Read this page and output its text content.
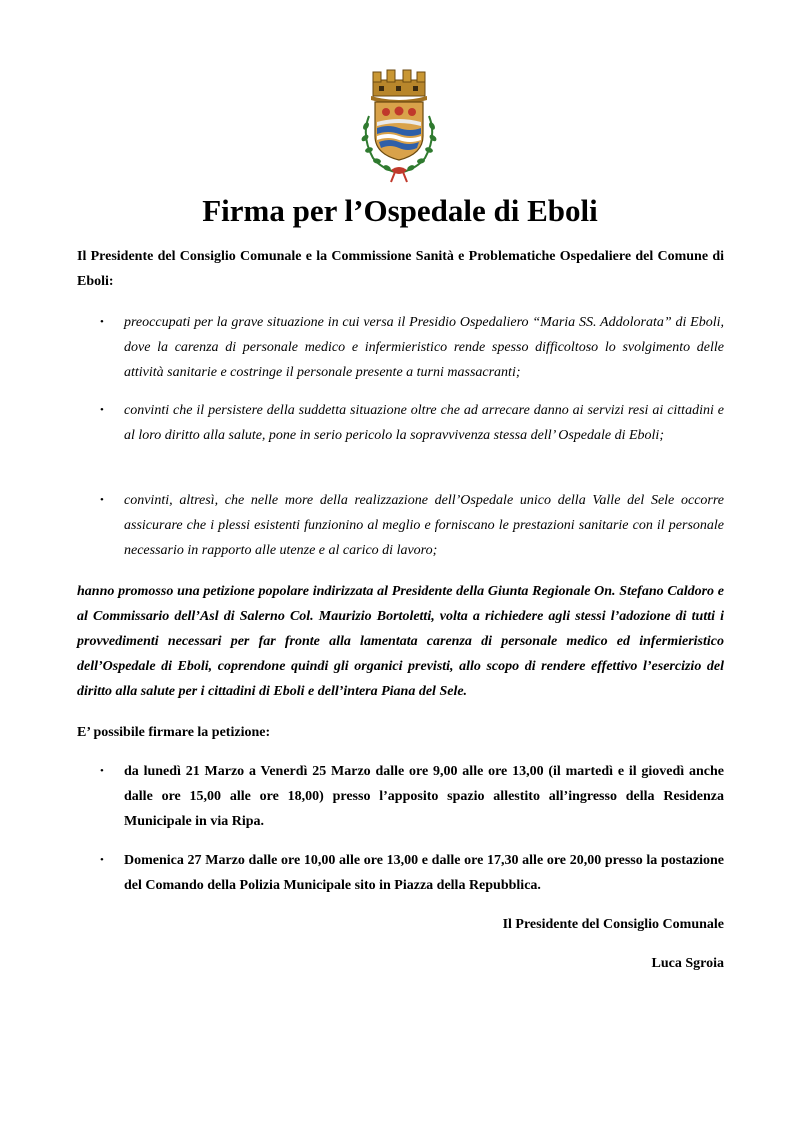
Firma per l’Ospedale di Eboli

Il Presidente del Consiglio Comunale e la Commissione Sanità e Problematiche Ospedaliere del Comune di Eboli:

• preoccupati per la grave situazione in cui versa il Presidio Ospedaliero “Maria SS. Addolorata” di Eboli, dove la carenza di personale medico e infermieristico rende spesso difficoltoso lo svolgimento delle attività sanitarie e costringe il personale presente a turni massacranti;

• convinti che il persistere della suddetta situazione oltre che ad arrecare danno ai servizi resi ai cittadini e al loro diritto alla salute, pone in serio pericolo la sopravvivenza stessa dell’ Ospedale di Eboli;

• convinti, altresì, che nelle more della realizzazione dell’Ospedale unico della Valle del Sele occorre assicurare che i plessi esistenti funzionino al meglio e forniscano le prestazioni sanitarie con il personale necessario in rapporto alle utenze e al carico di lavoro;

hanno promosso una petizione popolare indirizzata al Presidente della Giunta Regionale On. Stefano Caldoro e al Commissario dell’Asl di Salerno Col. Maurizio Bortoletti, volta a richiedere agli stessi l’adozione di tutti i provvedimenti necessari per far fronte alla lamentata carenza di personale medico ed infermieristico dell’Ospedale di Eboli, coprendone quindi gli organici previsti, allo scopo di rendere effettivo l’esercizio del diritto alla salute per i cittadini di Eboli e dell’intera Piana del Sele.

E’ possibile firmare la petizione:

• da lunedì 21 Marzo a Venerdì 25 Marzo dalle ore 9,00 alle ore 13,00 (il martedì e il giovedì anche dalle ore 15,00 alle ore 18,00) presso l’apposito spazio allestito all’ingresso della Residenza Municipale in via Ripa.

• Domenica 27 Marzo dalle ore 10,00 alle ore 13,00 e dalle ore 17,30 alle ore 20,00 presso la postazione del Comando della Polizia Municipale sito in Piazza della Repubblica.

Il Presidente del Consiglio Comunale
Luca Sgroia
